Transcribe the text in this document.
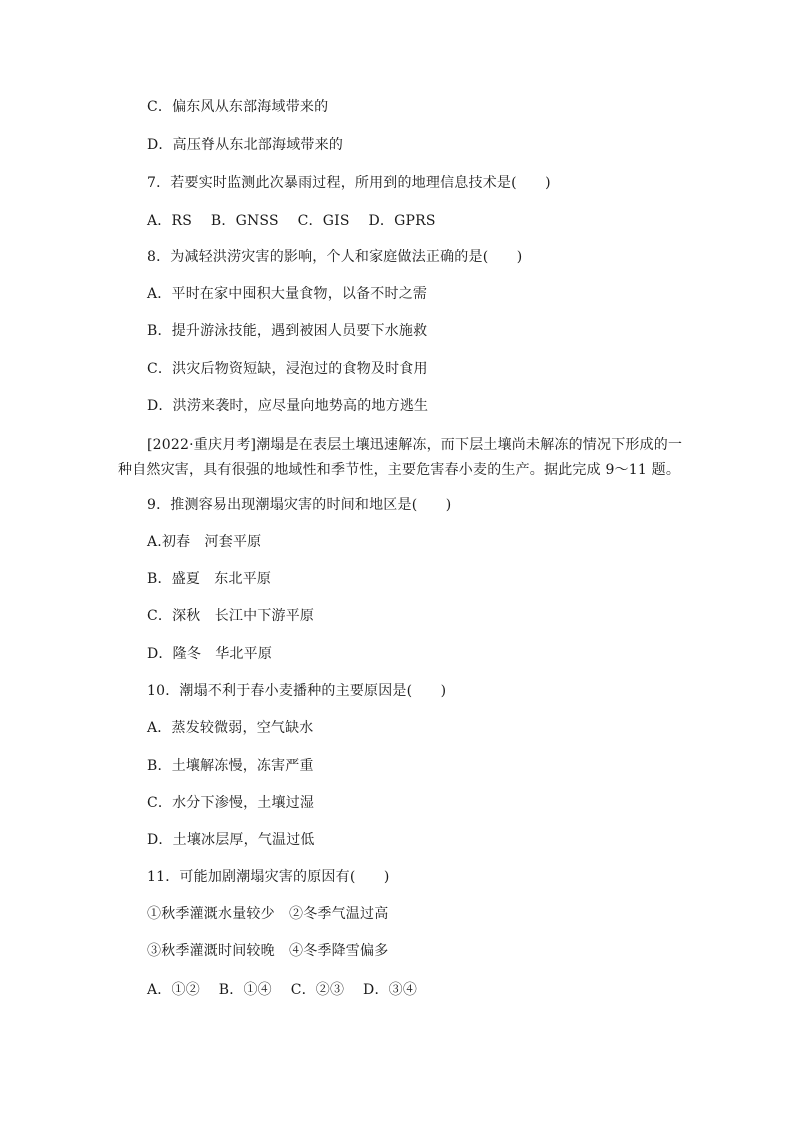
C．偏东风从东部海域带来的
D．高压脊从东北部海域带来的
7．若要实时监测此次暴雨过程，所用到的地理信息技术是(　　)
A．RS　 B．GNSS　 C．GIS　 D．GPRS
8．为减轻洪涝灾害的影响，个人和家庭做法正确的是(　　)
A．平时在家中囤积大量食物，以备不时之需
B．提升游泳技能，遇到被困人员要下水施救
C．洪灾后物资短缺，浸泡过的食物及时食用
D．洪涝来袭时，应尽量向地势高的地方逃生
[2022·重庆月考]潮塌是在表层土壤迅速解冻，而下层土壤尚未解冻的情况下形成的一
种自然灾害，具有很强的地域性和季节性，主要危害春小麦的生产。据此完成 9～11 题。
9．推测容易出现潮塌灾害的时间和地区是(　　)
A.初春　河套平原
B．盛夏　东北平原
C．深秋　长江中下游平原
D．隆冬　华北平原
10．潮塌不利于春小麦播种的主要原因是(　　)
A．蒸发较微弱，空气缺水
B．土壤解冻慢，冻害严重
C．水分下渗慢，土壤过湿
D．土壤冰层厚，气温过低
11．可能加剧潮塌灾害的原因有(　　)
①秋季灌溉水量较少　②冬季气温过高
③秋季灌溉时间较晚　④冬季降雪偏多
A．①②　 B．①④　 C．②③　 D．③④
